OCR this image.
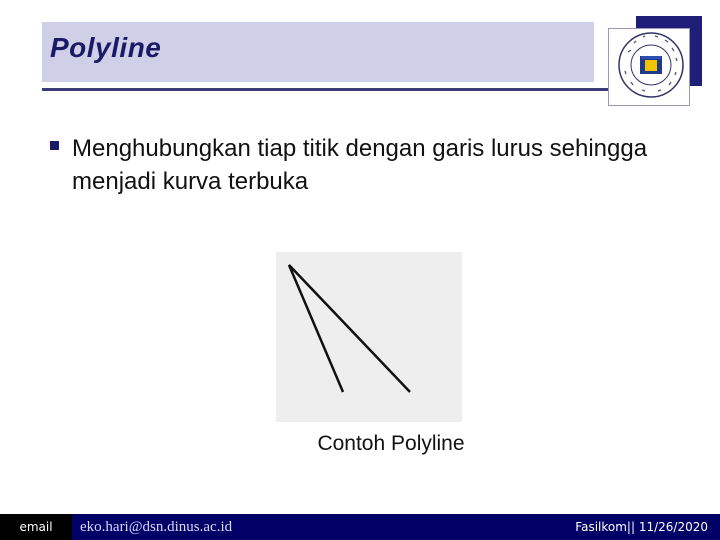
Polyline
Menghubungkan tiap titik dengan garis lurus sehingga menjadi kurva terbuka
Contoh Polyline
email	eko.hari@dsn.dinus.ac.id	Fasilkom|| 11/26/2020
